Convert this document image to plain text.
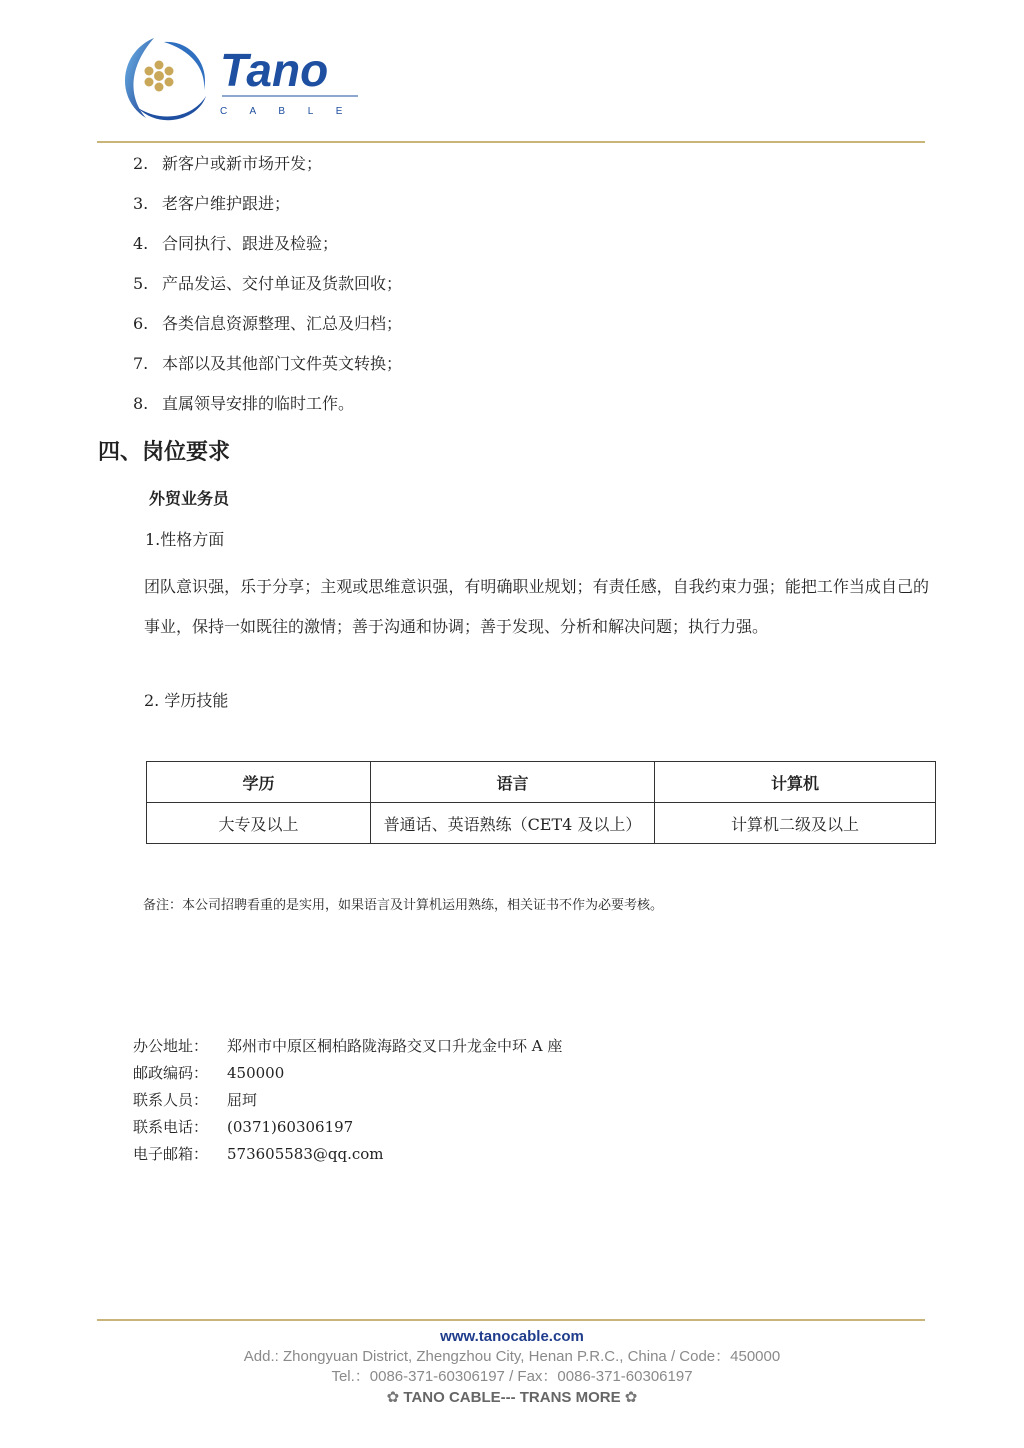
Tano
C A B L E
2. 新客户或新市场开发；
3. 老客户维护跟进；
4. 合同执行、跟进及检验；
5. 产品发运、交付单证及货款回收；
6. 各类信息资源整理、汇总及归档；
7. 本部以及其他部门文件英文转换；
8. 直属领导安排的临时工作。
四、岗位要求
外贸业务员
1.性格方面
团队意识强，乐于分享；主观或思维意识强，有明确职业规划；有责任感，自我约束力强；能把工作当成自己的事业，保持一如既往的激情；善于沟通和协调；善于发现、分析和解决问题；执行力强。
2. 学历技能
学历	语言	计算机
大专及以上	普通话、英语熟练（CET4 及以上）	计算机二级及以上
备注：本公司招聘看重的是实用，如果语言及计算机运用熟练，相关证书不作为必要考核。
办公地址： 郑州市中原区桐柏路陇海路交叉口升龙金中环 A 座
邮政编码： 450000
联系人员： 屈珂
联系电话： (0371)60306197
电子邮箱： 573605583@qq.com
www.tanocable.com
Add.: Zhongyuan District, Zhengzhou City, Henan P.R.C., China / Code：450000
Tel.：0086-371-60306197 / Fax：0086-371-60306197
✿ TANO CABLE--- TRANS MORE ✿
